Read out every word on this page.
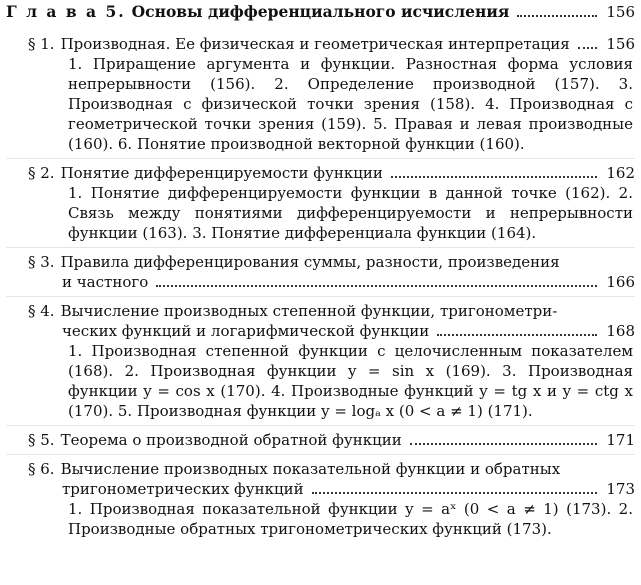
Г л а в а 5. Основы дифференциального исчисления	156
§ 1. Производная. Ее физическая и геометрическая интерпретация 156
1. Приращение аргумента и функции. Разностная форма условия непрерывности (156). 2. Определение производной (157). 3. Производная с физической точки зрения (158). 4. Производная с геометрической точки зрения (159). 5. Правая и левая производные (160). 6. Понятие производной векторной функции (160).
§ 2. Понятие дифференцируемости функции	162
1. Понятие дифференцируемости функции в данной точке (162). 2. Связь между понятиями дифференцируемости и непрерывности функции (163). 3. Понятие дифференциала функции (164).
§ 3. Правила дифференцирования суммы, разности, произведения
и частного	166
§ 4. Вычисление производных степенной функции, тригонометри-
ческих функций и логарифмической функции	168
1. Производная степенной функции с целочисленным показателем (168). 2. Производная функции y = sin x (169). 3. Производная функции y = cos x (170). 4. Производные функций y = tg x и y = ctg x (170). 5. Производная функции y = logₐ x (0 < a ≠ 1) (171).
§ 5. Теорема о производной обратной функции	171
§ 6. Вычисление производных показательной функции и обратных
тригонометрических функций	173
1. Производная показательной функции y = aˣ (0 < a ≠ 1) (173). 2. Производные обратных тригонометрических функций (173).
